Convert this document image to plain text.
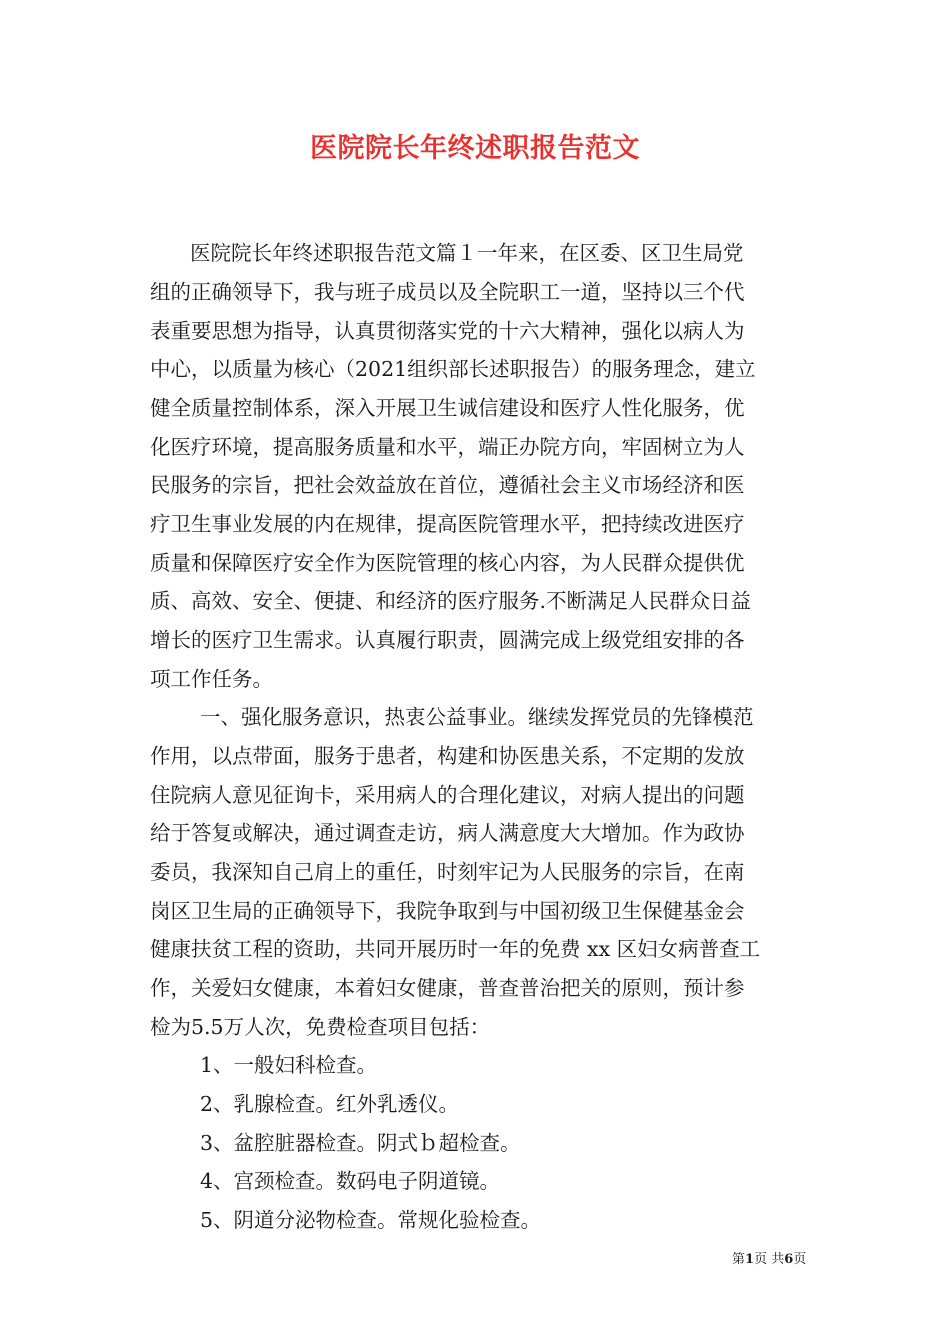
医院院长年终述职报告范文
医院院长年终述职报告范文篇１一年来，在区委、区卫生局党
组的正确领导下，我与班子成员以及全院职工一道，坚持以三个代
表重要思想为指导，认真贯彻落实党的十六大精神，强化以病人为
中心，以质量为核心（2021组织部长述职报告）的服务理念，建立
健全质量控制体系，深入开展卫生诚信建设和医疗人性化服务，优
化医疗环境，提高服务质量和水平，端正办院方向，牢固树立为人
民服务的宗旨，把社会效益放在首位，遵循社会主义市场经济和医
疗卫生事业发展的内在规律，提高医院管理水平，把持续改进医疗
质量和保障医疗安全作为医院管理的核心内容，为人民群众提供优
质、高效、安全、便捷、和经济的医疗服务.不断满足人民群众日益
增长的医疗卫生需求。认真履行职责，圆满完成上级党组安排的各
项工作任务。
一、强化服务意识，热衷公益事业。继续发挥党员的先锋模范
作用，以点带面，服务于患者，构建和协医患关系，不定期的发放
住院病人意见征询卡，采用病人的合理化建议，对病人提出的问题
给于答复或解决，通过调查走访，病人满意度大大增加。作为政协
委员，我深知自己肩上的重任，时刻牢记为人民服务的宗旨，在南
岗区卫生局的正确领导下，我院争取到与中国初级卫生保健基金会
健康扶贫工程的资助，共同开展历时一年的免费 xx 区妇女病普查工
作，关爱妇女健康，本着妇女健康，普查普治把关的原则，预计参
检为5.5万人次，免费检查项目包括：
1、一般妇科检查。
2、乳腺检查。红外乳透仪。
3、盆腔脏器检查。阴式ｂ超检查。
4、宫颈检查。数码电子阴道镜。
5、阴道分泌物检查。常规化验检查。
第1页 共6页
